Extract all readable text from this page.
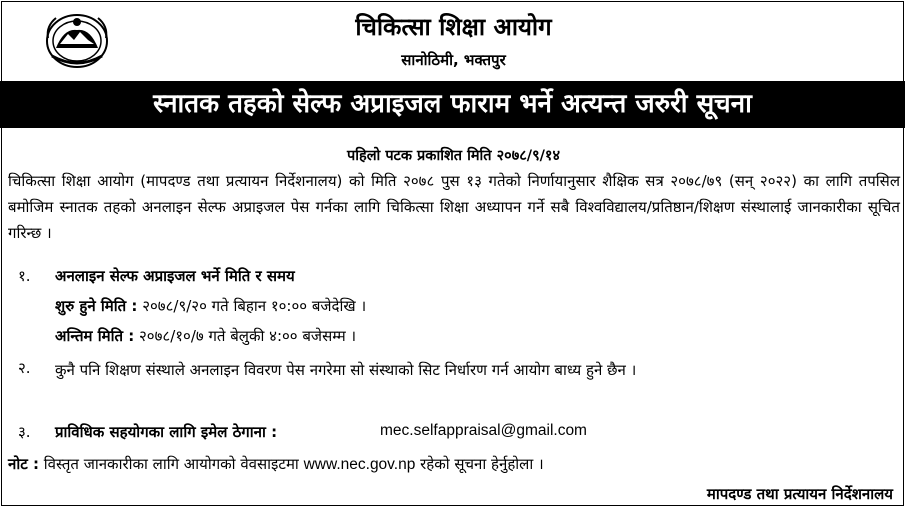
चिकित्सा शिक्षा आयोग
सानोठिमी, भक्तपुर
स्नातक तहको सेल्फ अप्राइजल फाराम भर्ने अत्यन्त जरुरी सूचना
पहिलो पटक प्रकाशित मिति २०७८/९/१४
चिकित्सा शिक्षा आयोग (मापदण्ड तथा प्रत्यायन निर्देशनालय) को मिति २०७८ पुस १३ गतेको निर्णायानुसार शैक्षिक सत्र २०७८/७९ (सन् २०२२) का लागि तपसिल बमोजिम स्नातक तहको अनलाइन सेल्फ अप्राइजल पेस गर्नका लागि चिकित्सा शिक्षा अध्यापन गर्ने सबै विश्वविद्यालय/प्रतिष्ठान/शिक्षण संस्थालाई जानकारीका सूचित गरिन्छ ।
१. अनलाइन सेल्फ अप्राइजल भर्ने मिति र समय
शुरु हुने मिति : २०७८/९/२० गते बिहान १०:०० बजेदेखि ।
अन्तिम मिति : २०७८/१०/७ गते बेलुकी ४:०० बजेसम्म ।
२. कुनै पनि शिक्षण संस्थाले अनलाइन विवरण पेस नगरेमा सो संस्थाको सिट निर्धारण गर्न आयोग बाध्य हुने छैन ।
३. प्राविधिक सहयोगका लागि इमेल ठेगाना :	mec.selfappraisal@gmail.com
नोट : विस्तृत जानकारीका लागि आयोगको वेवसाइटमा www.nec.gov.np रहेको सूचना हेर्नुहोला ।
मापदण्ड तथा प्रत्यायन निर्देशनालय
